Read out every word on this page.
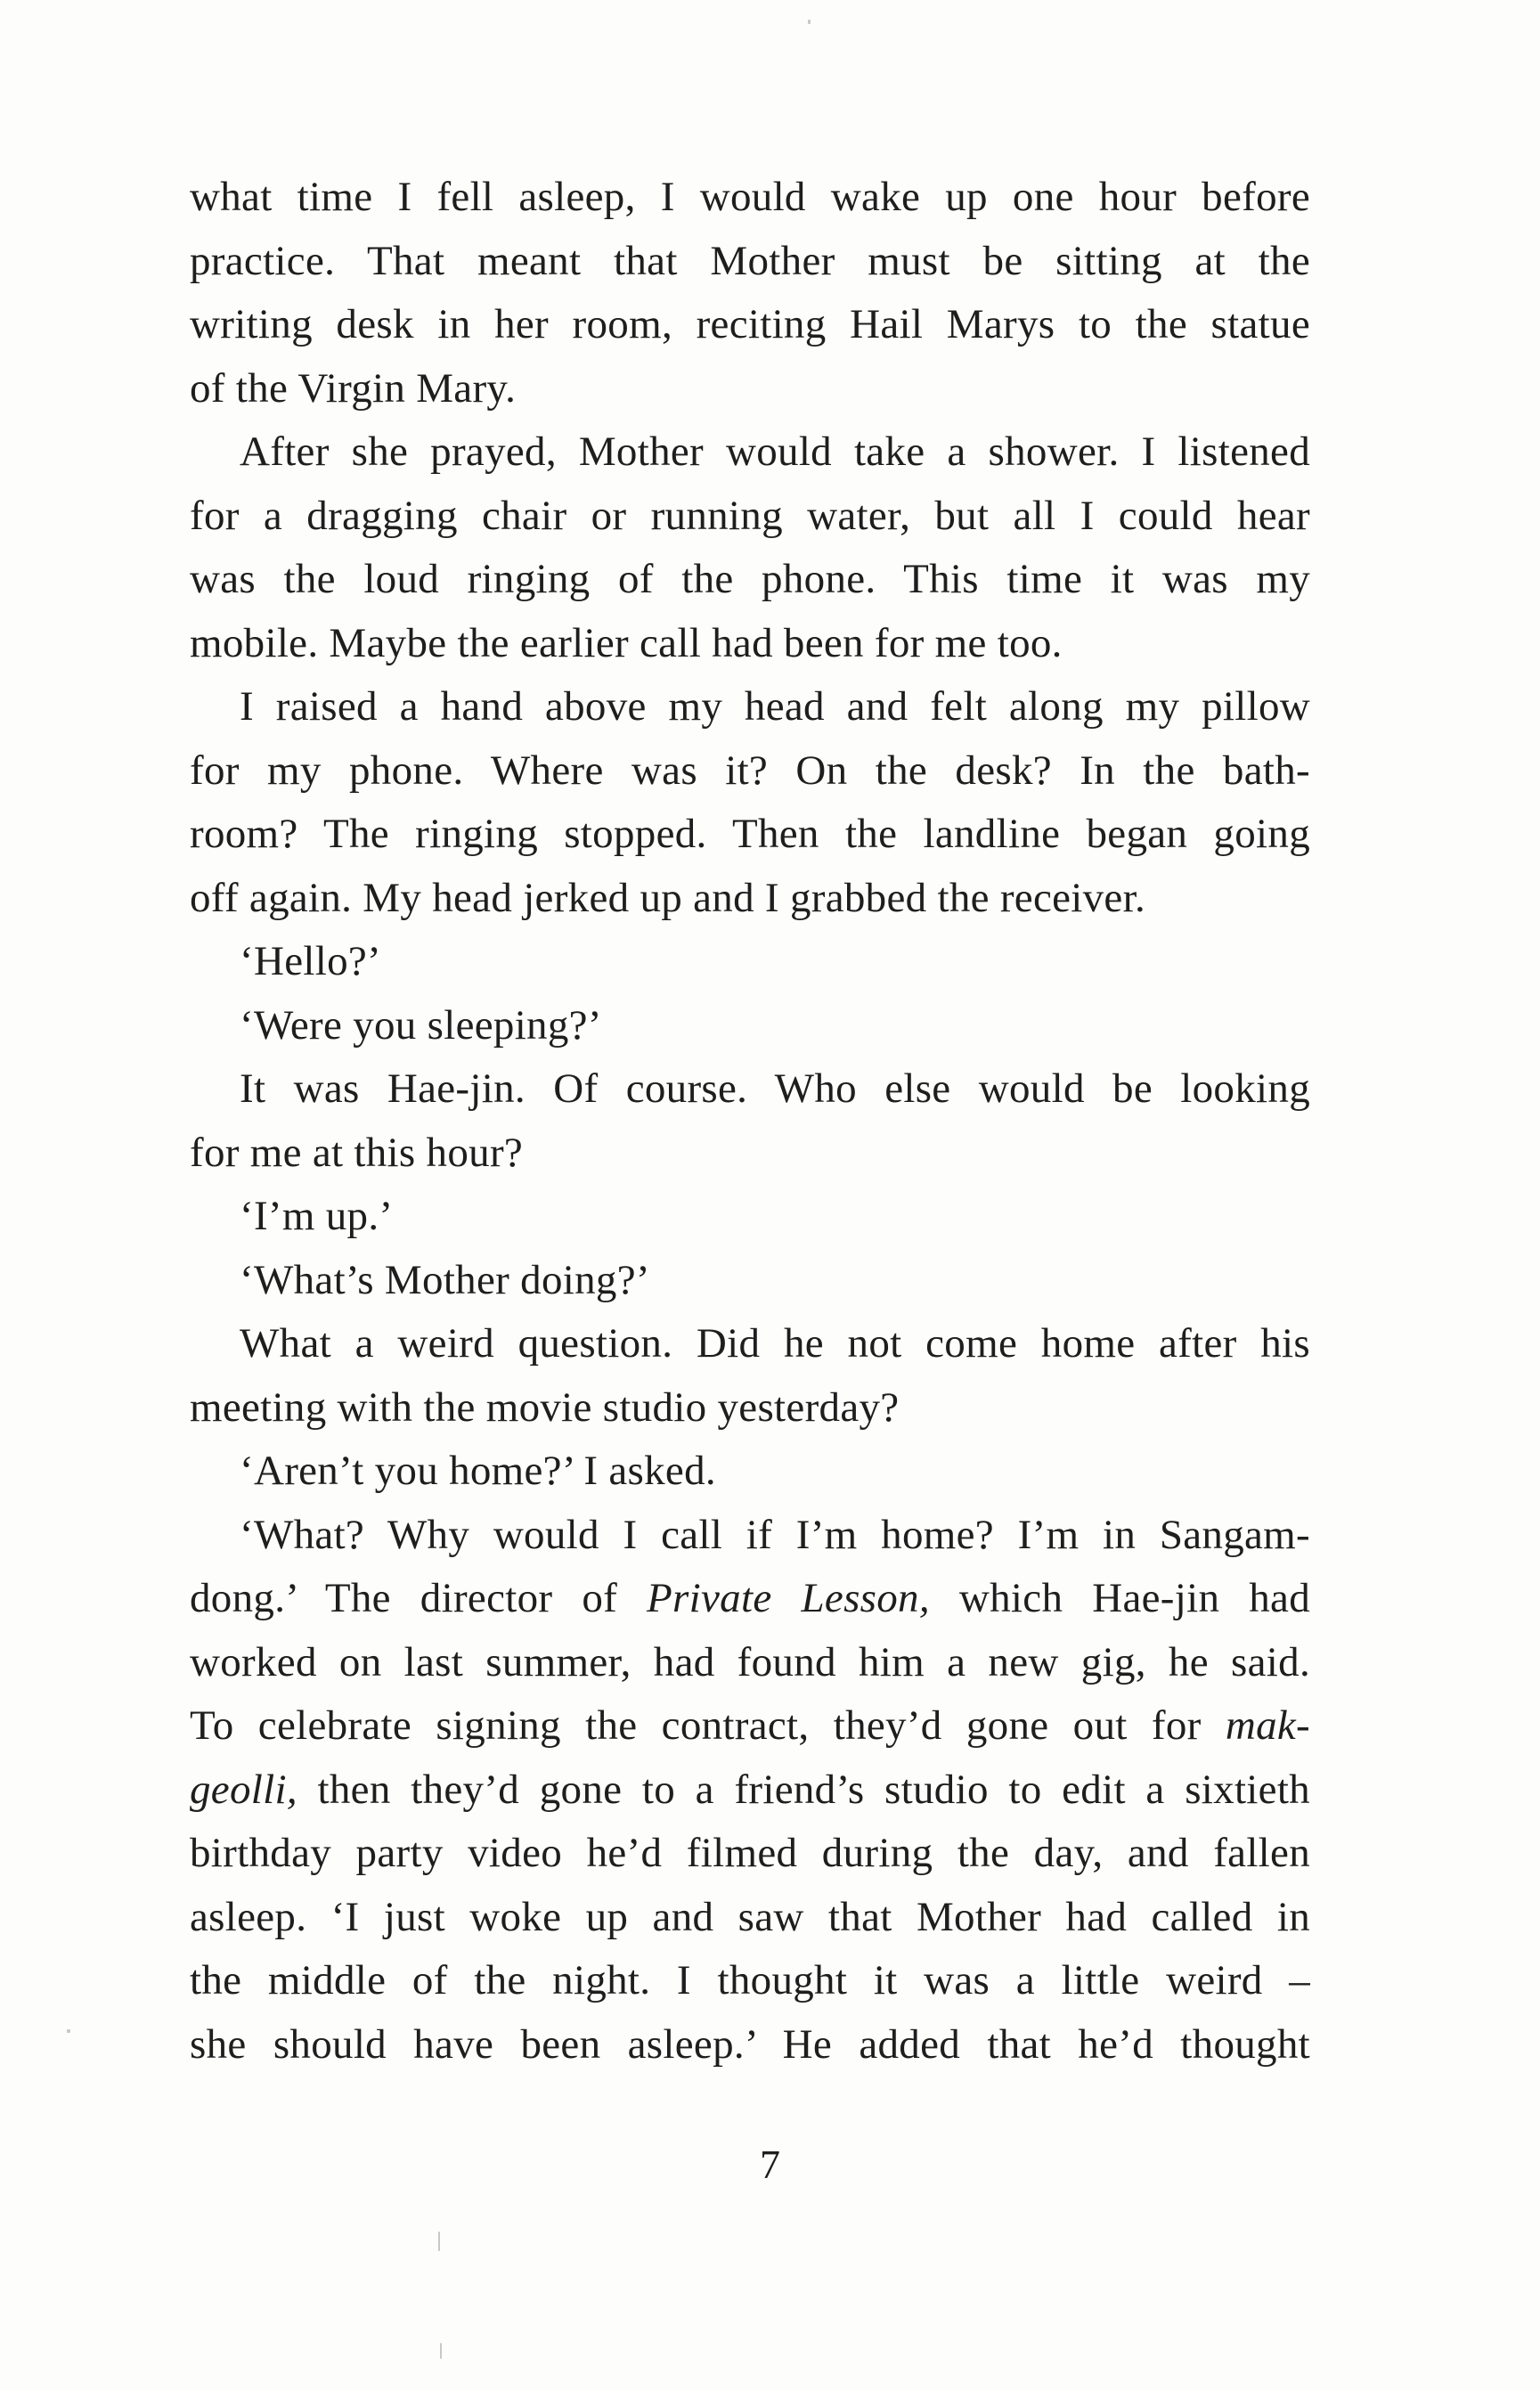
what time I fell asleep, I would wake up one hour before
practice. That meant that Mother must be sitting at the
writing desk in her room, reciting Hail Marys to the statue
of the Virgin Mary.

After she prayed, Mother would take a shower. I listened
for a dragging chair or running water, but all I could hear
was the loud ringing of the phone. This time it was my
mobile. Maybe the earlier call had been for me too.

I raised a hand above my head and felt along my pillow
for my phone. Where was it? On the desk? In the bath-
room? The ringing stopped. Then the landline began going
off again. My head jerked up and I grabbed the receiver.

‘Hello?’

‘Were you sleeping?’

It was Hae-jin. Of course. Who else would be looking
for me at this hour?

‘I’m up.’

‘What’s Mother doing?’

What a weird question. Did he not come home after his
meeting with the movie studio yesterday?

‘Aren’t you home?’ I asked.

‘What? Why would I call if I’m home? I’m in Sangam-
dong.’ The director of Private Lesson, which Hae-jin had
worked on last summer, had found him a new gig, he said.
To celebrate signing the contract, they’d gone out for mak-
geolli, then they’d gone to a friend’s studio to edit a sixtieth
birthday party video he’d filmed during the day, and fallen
asleep. ‘I just woke up and saw that Mother had called in
the middle of the night. I thought it was a little weird –
she should have been asleep.’ He added that he’d thought

7
